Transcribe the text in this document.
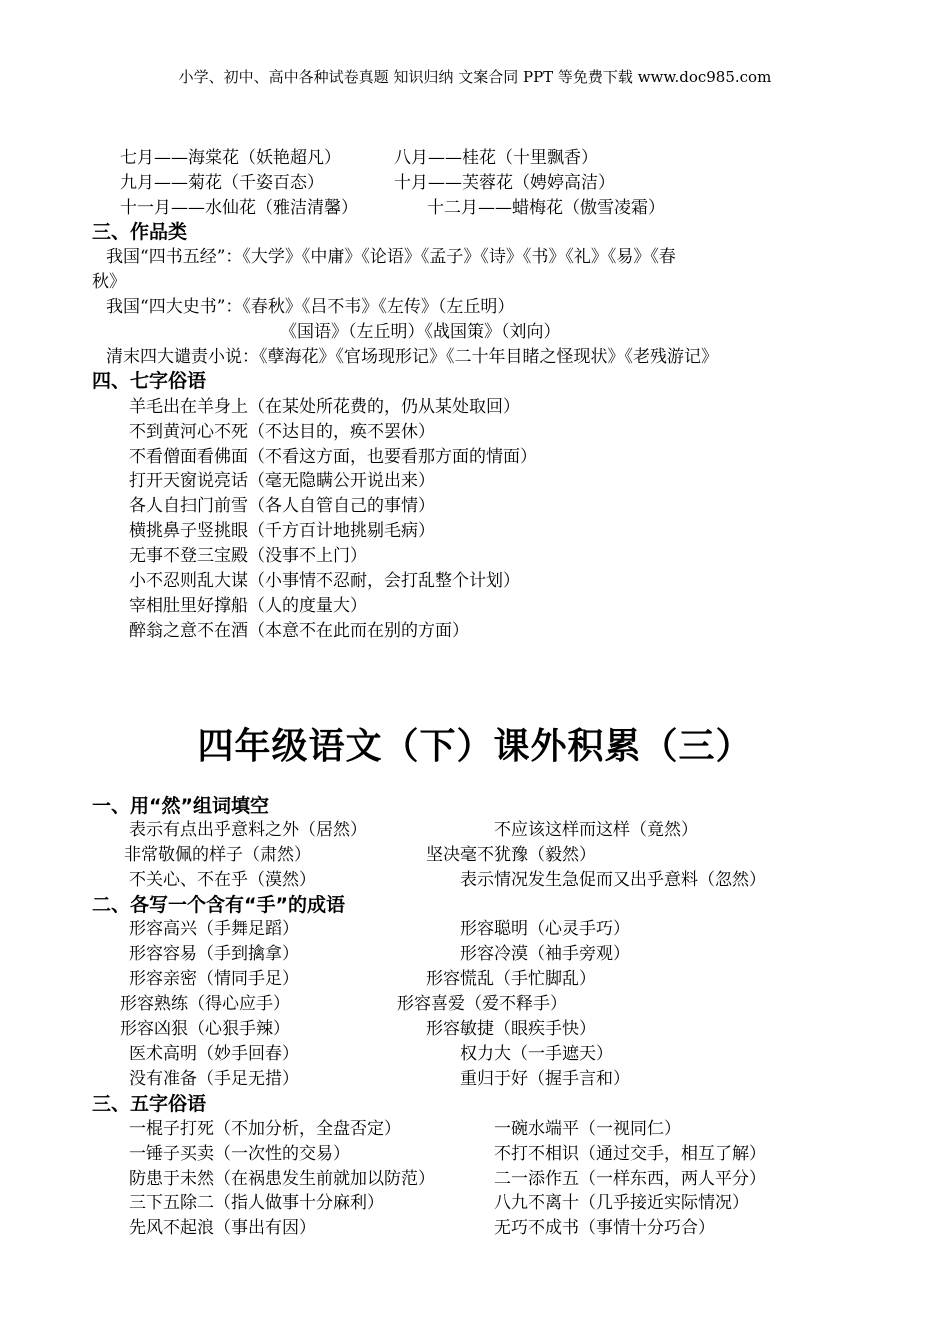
小学、初中、高中各种试卷真题 知识归纳 文案合同 PPT 等免费下载 www.doc985.com
七月——海棠花（妖艳超凡）	八月——桂花（十里飘香）
九月——菊花（千姿百态）	十月——芙蓉花（娉婷高洁）
十一月——水仙花（雅洁清馨）	十二月——蜡梅花（傲雪凌霜）
三、作品类
我国“四书五经”：《大学》《中庸》《论语》《孟子》《诗》《书》《礼》《易》《春
秋》
我国“四大史书”：《春秋》《吕不韦》《左传》（左丘明）
《国语》（左丘明）《战国策》（刘向）
清末四大谴责小说：《孽海花》《官场现形记》《二十年目睹之怪现状》《老残游记》
四、七字俗语
羊毛出在羊身上（在某处所花费的，仍从某处取回）
不到黄河心不死（不达目的，痪不罢休）
不看僧面看佛面（不看这方面，也要看那方面的情面）
打开天窗说亮话（毫无隐瞒公开说出来）
各人自扫门前雪（各人自管自己的事情）
横挑鼻子竖挑眼（千方百计地挑剔毛病）
无事不登三宝殿（没事不上门）
小不忍则乱大谋（小事情不忍耐，会打乱整个计划）
宰相肚里好撑船（人的度量大）
醉翁之意不在酒（本意不在此而在别的方面）
四年级语文（下）课外积累（三）
一、用“然”组词填空
表示有点出乎意料之外（居然）	不应该这样而这样（竟然）
非常敬佩的样子（肃然）	坚决毫不犹豫（毅然）
不关心、不在乎（漠然）	表示情况发生急促而又出乎意料（忽然）
二、各写一个含有“手”的成语
形容高兴（手舞足蹈）	形容聪明（心灵手巧）
形容容易（手到擒拿）	形容冷漠（袖手旁观）
形容亲密（情同手足）	形容慌乱（手忙脚乱）
形容熟练（得心应手）	形容喜爱（爱不释手）
形容凶狠（心狠手辣）	形容敏捷（眼疾手快）
医术高明（妙手回春）	权力大（一手遮天）
没有准备（手足无措）	重归于好（握手言和）
三、五字俗语
一棍子打死（不加分析，全盘否定）	一碗水端平（一视同仁）
一锤子买卖（一次性的交易）	不打不相识（通过交手，相互了解）
防患于未然（在祸患发生前就加以防范）	二一添作五（一样东西，两人平分）
三下五除二（指人做事十分麻利）	八九不离十（几乎接近实际情况）
先风不起浪（事出有因）	无巧不成书（事情十分巧合）
